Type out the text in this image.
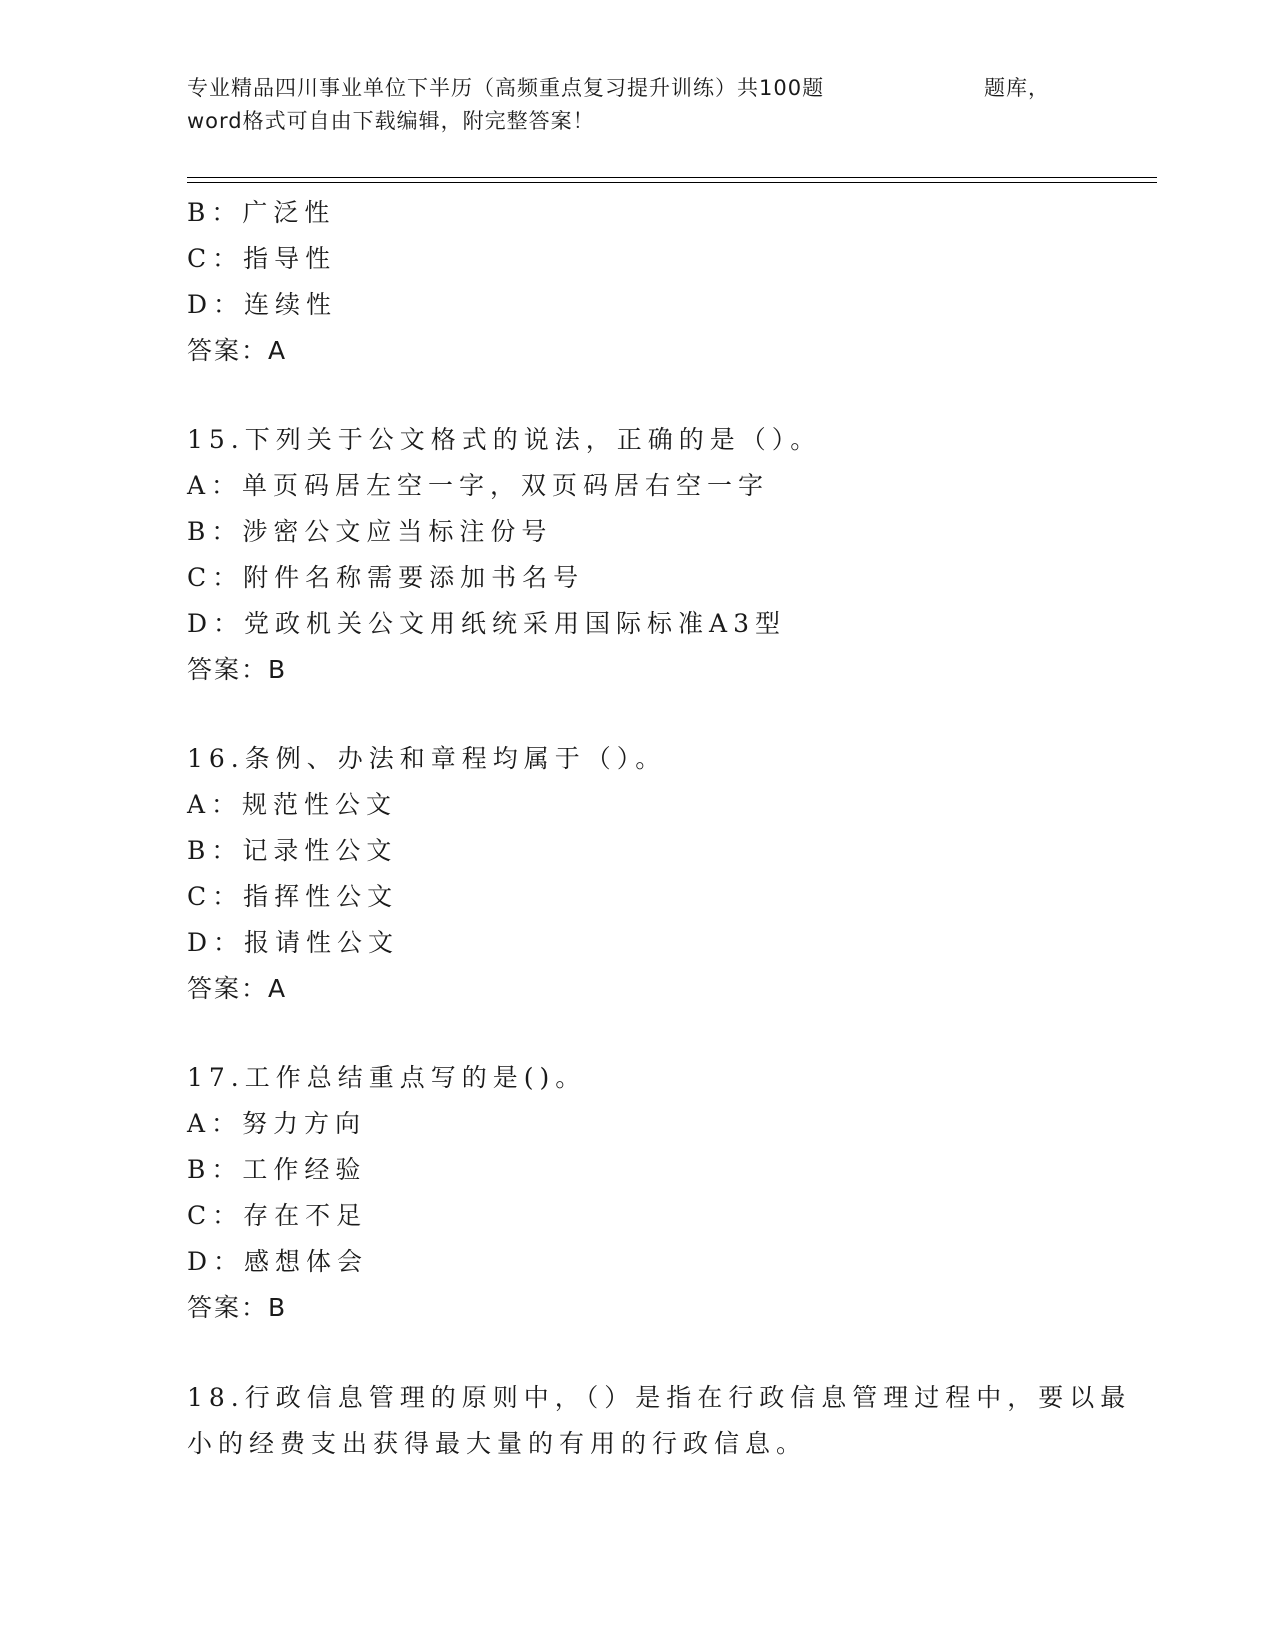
专业精品四川事业单位下半历（高频重点复习提升训练）共100题	题库，
word格式可自由下载编辑，附完整答案！
B：广泛性
C：指导性
D：连续性
答案：A
15.下列关于公文格式的说法，正确的是（）。
A：单页码居左空一字，双页码居右空一字
B：涉密公文应当标注份号
C：附件名称需要添加书名号
D：党政机关公文用纸统采用国际标准A3型
答案：B
16.条例、办法和章程均属于（）。
A：规范性公文
B：记录性公文
C：指挥性公文
D：报请性公文
答案：A
17.工作总结重点写的是()。
A：努力方向
B：工作经验
C：存在不足
D：感想体会
答案：B
18.行政信息管理的原则中，（）是指在行政信息管理过程中，要以最
小的经费支出获得最大量的有用的行政信息。
